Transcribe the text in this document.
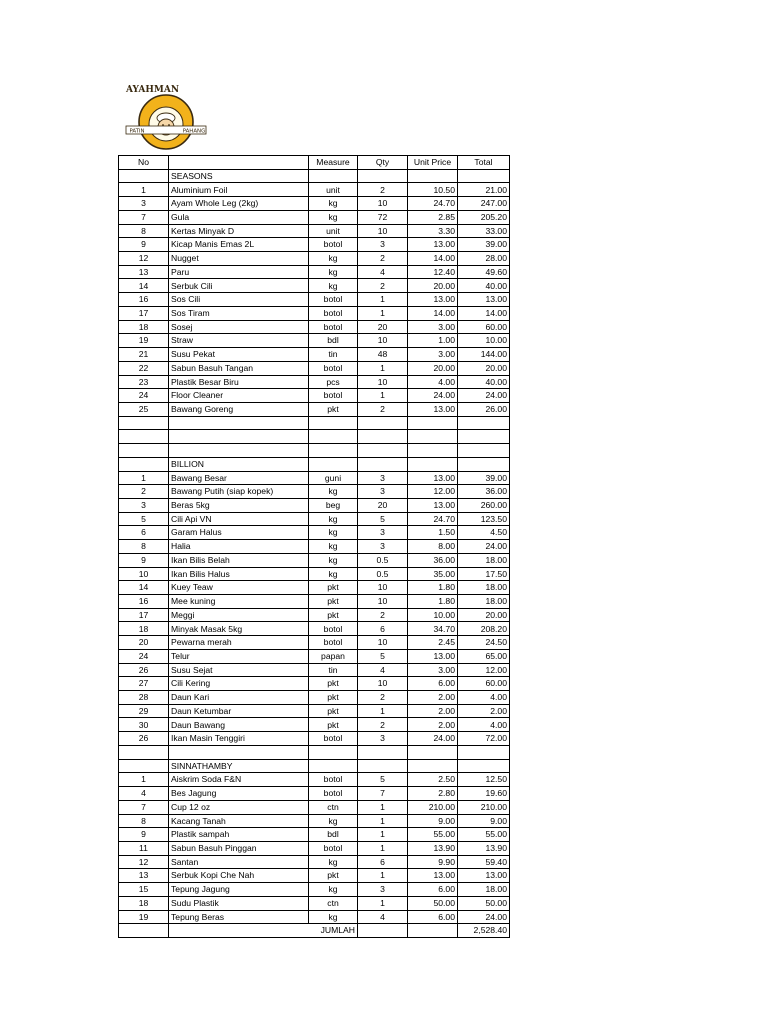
AYAHMAN
PATIN	PAHANG
No		Measure	Qty	Unit Price	Total
	SEASONS				
1	Aluminium Foil	unit	2	10.50	21.00
3	Ayam Whole Leg (2kg)	kg	10	24.70	247.00
7	Gula	kg	72	2.85	205.20
8	Kertas Minyak D	unit	10	3.30	33.00
9	Kicap Manis Emas 2L	botol	3	13.00	39.00
12	Nugget	kg	2	14.00	28.00
13	Paru	kg	4	12.40	49.60
14	Serbuk Cili	kg	2	20.00	40.00
16	Sos Cili	botol	1	13.00	13.00
17	Sos Tiram	botol	1	14.00	14.00
18	Sosej	botol	20	3.00	60.00
19	Straw	bdl	10	1.00	10.00
21	Susu Pekat	tin	48	3.00	144.00
22	Sabun Basuh Tangan	botol	1	20.00	20.00
23	Plastik Besar Biru	pcs	10	4.00	40.00
24	Floor Cleaner	botol	1	24.00	24.00
25	Bawang Goreng	pkt	2	13.00	26.00

	BILLION				
1	Bawang Besar	guni	3	13.00	39.00
2	Bawang Putih (siap kopek)	kg	3	12.00	36.00
3	Beras 5kg	beg	20	13.00	260.00
5	Cili Api VN	kg	5	24.70	123.50
6	Garam Halus	kg	3	1.50	4.50
8	Halia	kg	3	8.00	24.00
9	Ikan Bilis Belah	kg	0.5	36.00	18.00
10	Ikan Bilis Halus	kg	0.5	35.00	17.50
14	Kuey Teaw	pkt	10	1.80	18.00
16	Mee kuning	pkt	10	1.80	18.00
17	Meggi	pkt	2	10.00	20.00
18	Minyak Masak 5kg	botol	6	34.70	208.20
20	Pewarna merah	botol	10	2.45	24.50
24	Telur	papan	5	13.00	65.00
26	Susu Sejat	tin	4	3.00	12.00
27	Cili Kering	pkt	10	6.00	60.00
28	Daun Kari	pkt	2	2.00	4.00
29	Daun Ketumbar	pkt	1	2.00	2.00
30	Daun Bawang	pkt	2	2.00	4.00
26	Ikan Masin Tenggiri	botol	3	24.00	72.00

	SINNATHAMBY				
1	Aiskrim Soda F&N	botol	5	2.50	12.50
4	Bes Jagung	botol	7	2.80	19.60
7	Cup 12 oz	ctn	1	210.00	210.00
8	Kacang Tanah	kg	1	9.00	9.00
9	Plastik sampah	bdl	1	55.00	55.00
11	Sabun Basuh Pinggan	botol	1	13.90	13.90
12	Santan	kg	6	9.90	59.40
13	Serbuk Kopi Che Nah	pkt	1	13.00	13.00
15	Tepung Jagung	kg	3	6.00	18.00
18	Sudu Plastik	ctn	1	50.00	50.00
19	Tepung Beras	kg	4	6.00	24.00
	JUMLAH				2,528.40
